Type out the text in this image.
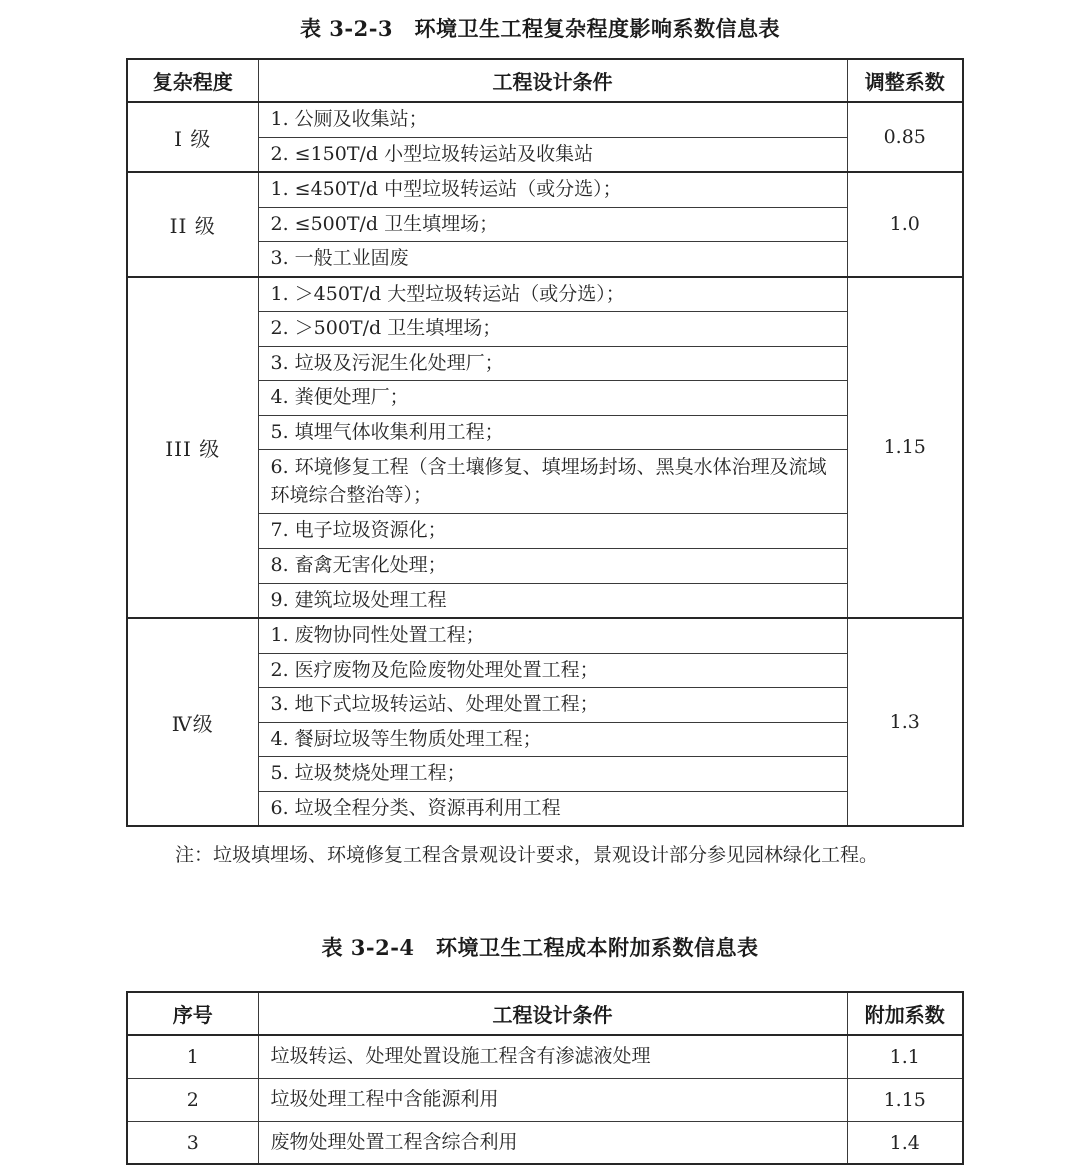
表 3-2-3　环境卫生工程复杂程度影响系数信息表
复杂程度	工程设计条件	调整系数
I 级	1. 公厕及收集站；	0.85
	2. ≤150T/d 小型垃圾转运站及收集站	
II 级	1. ≤450T/d 中型垃圾转运站（或分选）；	1.0
	2. ≤500T/d 卫生填埋场；	
	3. 一般工业固废	
III 级	1. ＞450T/d 大型垃圾转运站（或分选）；	1.15
	2. ＞500T/d 卫生填埋场；	
	3. 垃圾及污泥生化处理厂；	
	4. 粪便处理厂；	
	5. 填埋气体收集利用工程；	
	6. 环境修复工程（含土壤修复、填埋场封场、黑臭水体治理及流域环境综合整治等）；	
	7. 电子垃圾资源化；	
	8. 畜禽无害化处理；	
	9. 建筑垃圾处理工程	
Ⅳ级	1. 废物协同性处置工程；	1.3
	2. 医疗废物及危险废物处理处置工程；	
	3. 地下式垃圾转运站、处理处置工程；	
	4. 餐厨垃圾等生物质处理工程；	
	5. 垃圾焚烧处理工程；	
	6. 垃圾全程分类、资源再利用工程	
注：垃圾填埋场、环境修复工程含景观设计要求，景观设计部分参见园林绿化工程。
表 3-2-4　环境卫生工程成本附加系数信息表
序号	工程设计条件	附加系数
1	垃圾转运、处理处置设施工程含有渗滤液处理	1.1
2	垃圾处理工程中含能源利用	1.15
3	废物处理处置工程含综合利用	1.4
